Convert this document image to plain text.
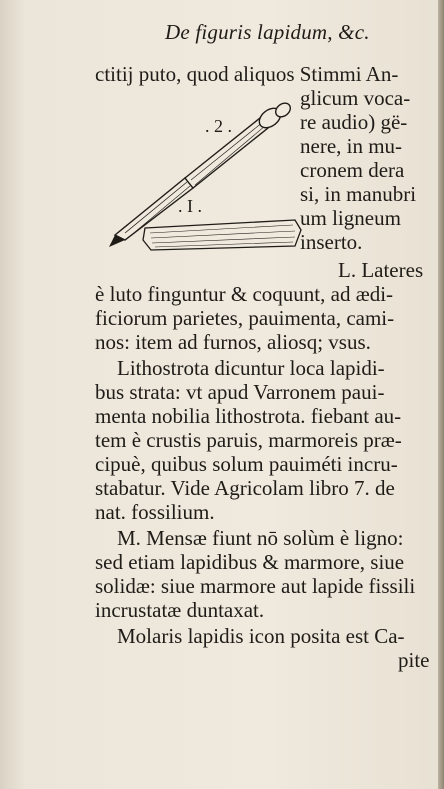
De figuris lapidum, &c.
ctitij puto, quod aliquos Stimmi An-
. 2 .
. I .
glicum voca-
re audio) gë-
nere, in mu-
cronem dera
si, in manubri
um ligneum
inserto.
L. Lateres
è luto finguntur & coquunt, ad ædi-
ficiorum parietes, pauimenta, cami-
nos: item ad furnos, aliosq; vsus.
Lithostrota dicuntur loca lapidi-
bus strata: vt apud Varronem paui-
menta nobilia lithostrota. fiebant au-
tem è crustis paruis, marmoreis præ-
cipuè, quibus solum pauiméti incru-
stabatur. Vide Agricolam libro 7. de
nat. fossilium.
M. Mensæ fiunt nō solùm è ligno:
sed etiam lapidibus & marmore, siue
solidæ: siue marmore aut lapide fissili
incrustatæ duntaxat.
Molaris lapidis icon posita est Ca-
pite
